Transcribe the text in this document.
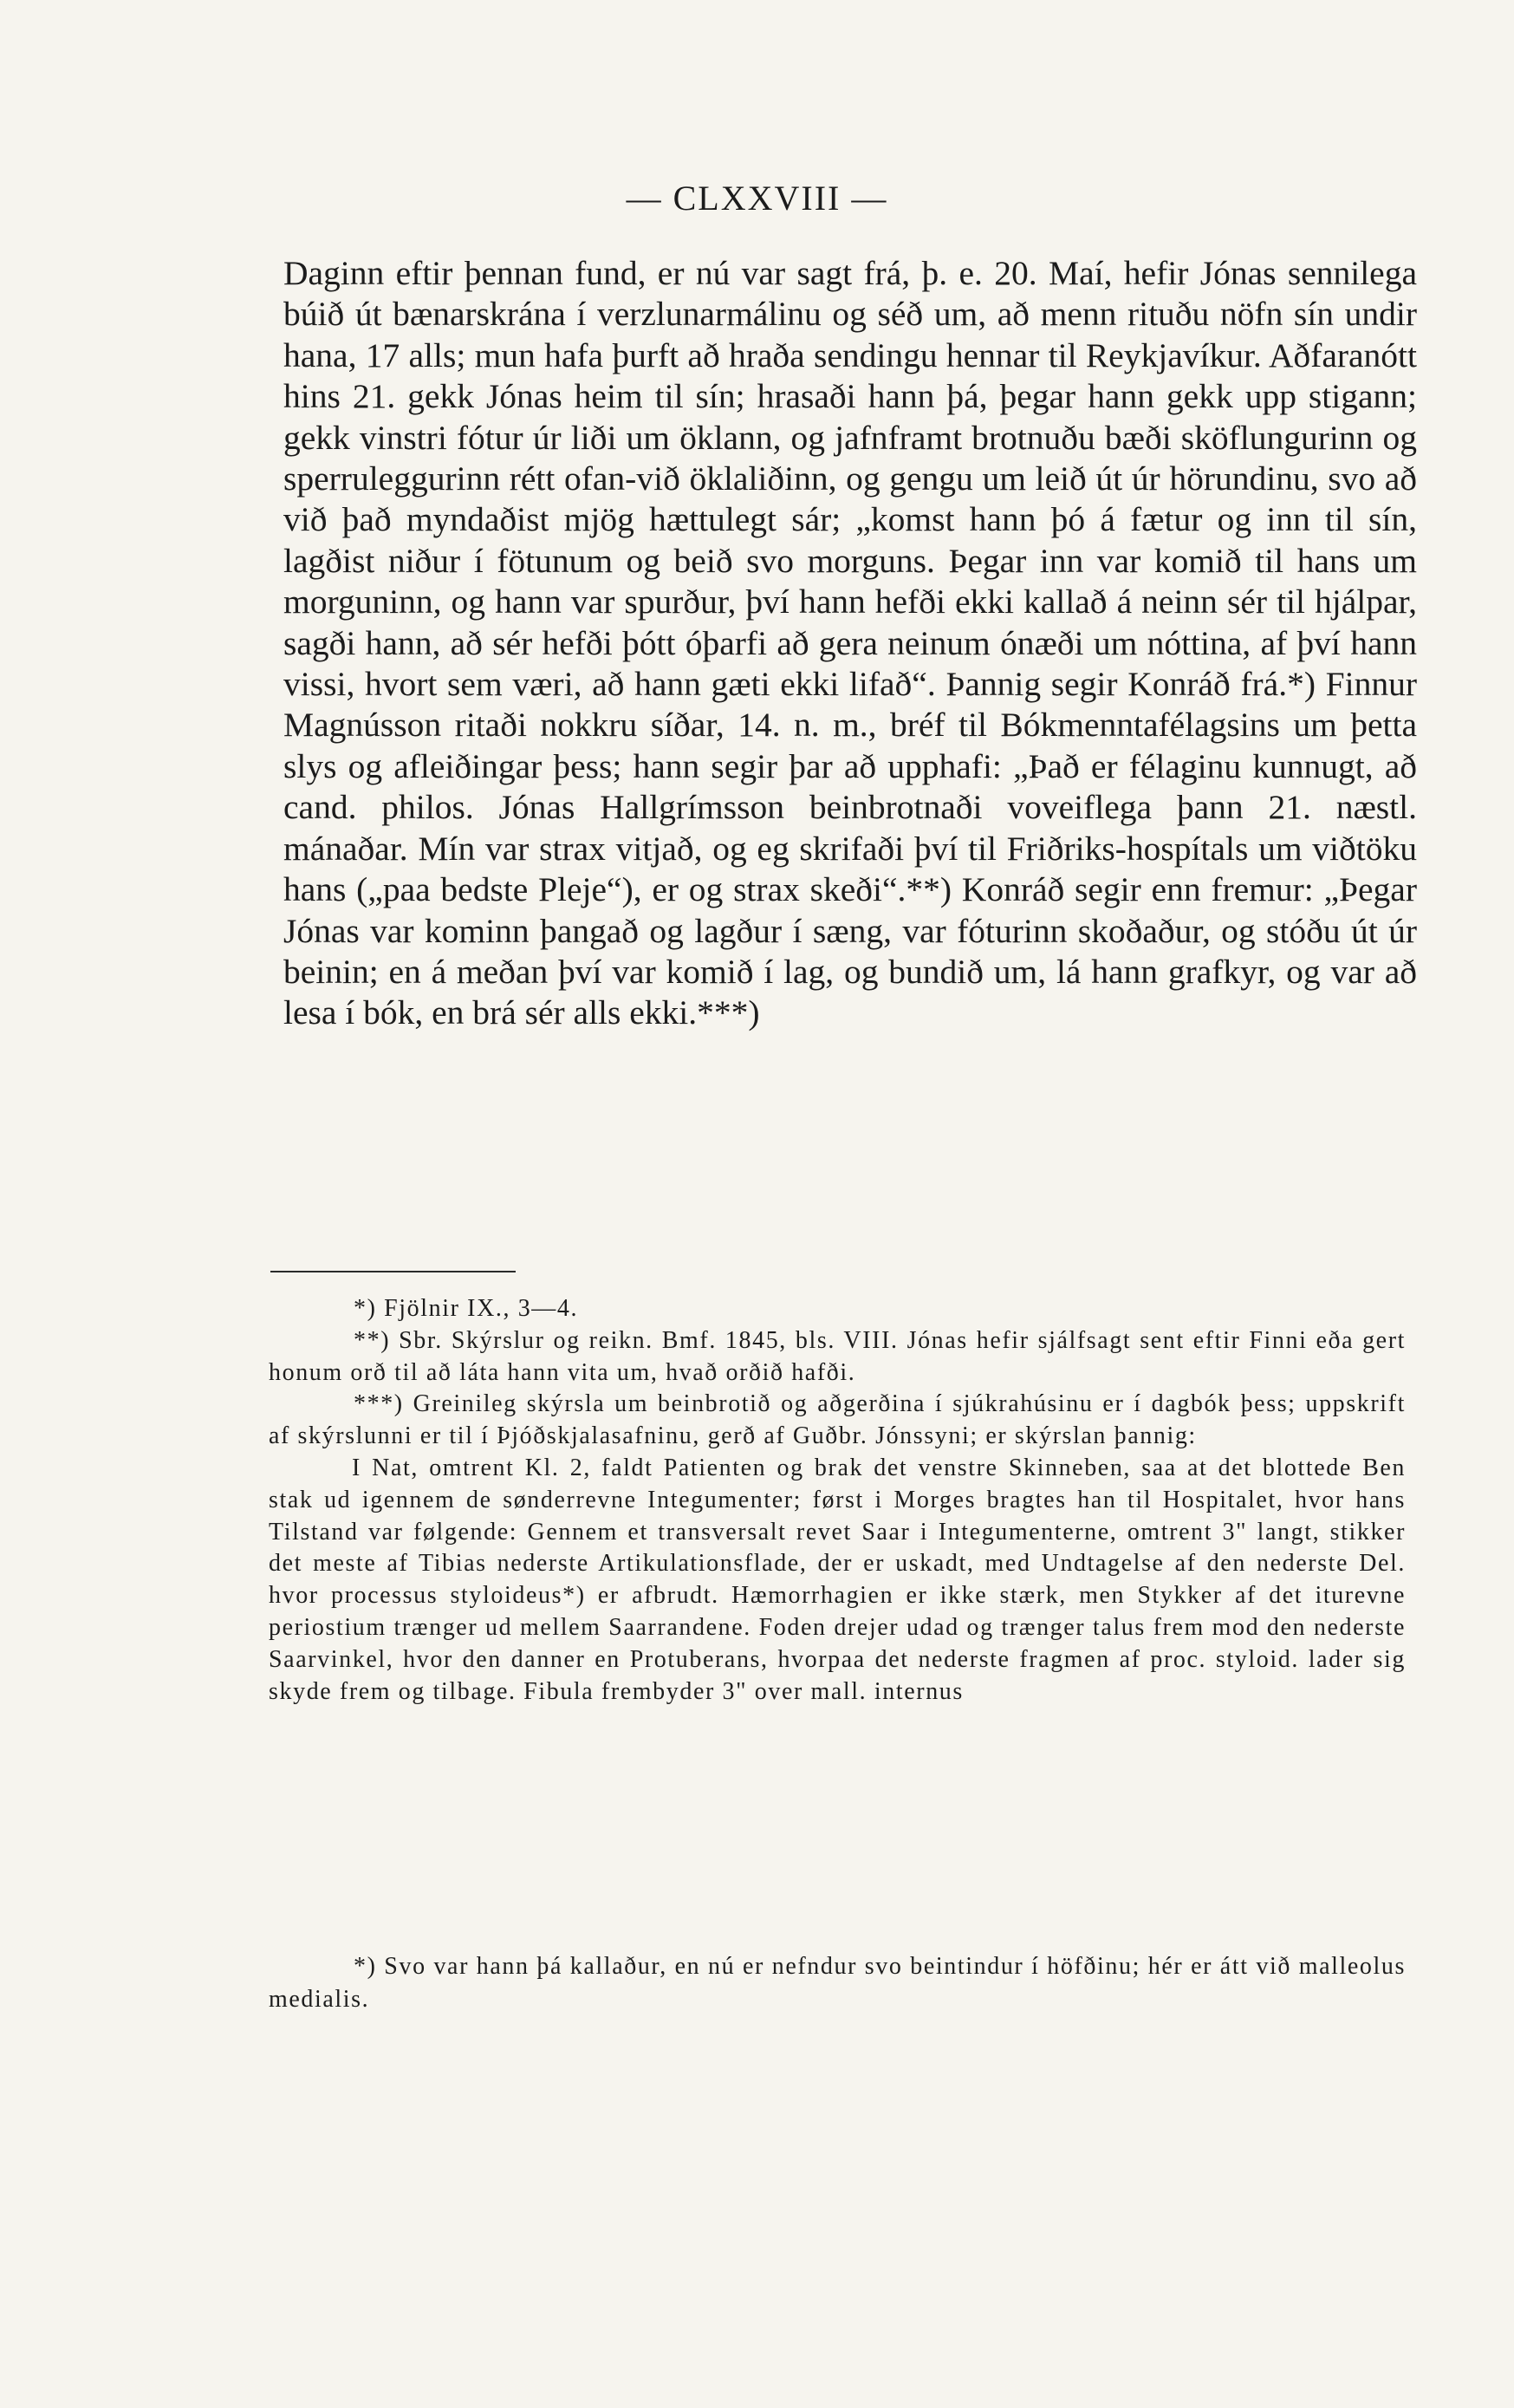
— CLXXVIII —

Daginn eftir þennan fund, er nú var sagt frá, þ. e. 20. Maí, hefir Jónas sennilega búið út bænarskrána í verzlunarmálinu og séð um, að menn rituðu nöfn sín undir hana, 17 alls; mun hafa þurft að hraða sendingu hennar til Reykjavíkur. Aðfaranótt hins 21. gekk Jónas heim til sín; hrasaði hann þá, þegar hann gekk upp stigann; gekk vinstri fótur úr liði um öklann, og jafnframt brotnuðu bæði sköflungurinn og sperruleggurinn rétt ofan-við öklaliðinn, og gengu um leið út úr hörundinu, svo að við það myndaðist mjög hættulegt sár; „komst hann þó á fætur og inn til sín, lagðist niður í fötunum og beið svo morguns. Þegar inn var komið til hans um morguninn, og hann var spurður, því hann hefði ekki kallað á neinn sér til hjálpar, sagði hann, að sér hefði þótt óþarfi að gera neinum ónæði um nóttina, af því hann vissi, hvort sem væri, að hann gæti ekki lifað“. Þannig segir Konráð frá.*) Finnur Magnússon ritaði nokkru síðar, 14. n. m., bréf til Bókmenntafélagsins um þetta slys og afleiðingar þess; hann segir þar að upphafi: „Það er félaginu kunnugt, að cand. philos. Jónas Hallgrímsson beinbrotnaði voveiflega þann 21. næstl. mánaðar. Mín var strax vitjað, og eg skrifaði því til Friðriks-hospítals um viðtöku hans („paa bedste Pleje“), er og strax skeði“.**) Konráð segir enn fremur: „Þegar Jónas var kominn þangað og lagður í sæng, var fóturinn skoðaður, og stóðu út úr beinin; en á meðan því var komið í lag, og bundið um, lá hann grafkyr, og var að lesa í bók, en brá sér alls ekki.***)

*) Fjölnir IX., 3—4.

**) Sbr. Skýrslur og reikn. Bmf. 1845, bls. VIII. Jónas hefir sjálfsagt sent eftir Finni eða gert honum orð til að láta hann vita um, hvað orðið hafði.

***) Greinileg skýrsla um beinbrotið og aðgerðina í sjúkrahúsinu er í dagbók þess; uppskrift af skýrslunni er til í Þjóðskjalasafninu, gerð af Guðbr. Jónssyni; er skýrslan þannig:

I Nat, omtrent Kl. 2, faldt Patienten og brak det venstre Skinneben, saa at det blottede Ben stak ud igennem de sønderrevne Integumenter; først i Morges bragtes han til Hospitalet, hvor hans Tilstand var følgende: Gennem et transversalt revet Saar i Integumenterne, omtrent 3" langt, stikker det meste af Tibias nederste Artikulationsflade, der er uskadt, med Undtagelse af den nederste Del. hvor processus styloideus*) er afbrudt. Hæmorrhagien er ikke stærk, men Stykker af det iturevne periostium trænger ud mellem Saarrandene. Foden drejer udad og trænger talus frem mod den nederste Saarvinkel, hvor den danner en Protuberans, hvorpaa det nederste fragmen af proc. styloid. lader sig skyde frem og tilbage. Fibula frembyder 3" over mall. internus

*) Svo var hann þá kallaður, en nú er nefndur svo beintindur í höfðinu; hér er átt við malleolus medialis.
